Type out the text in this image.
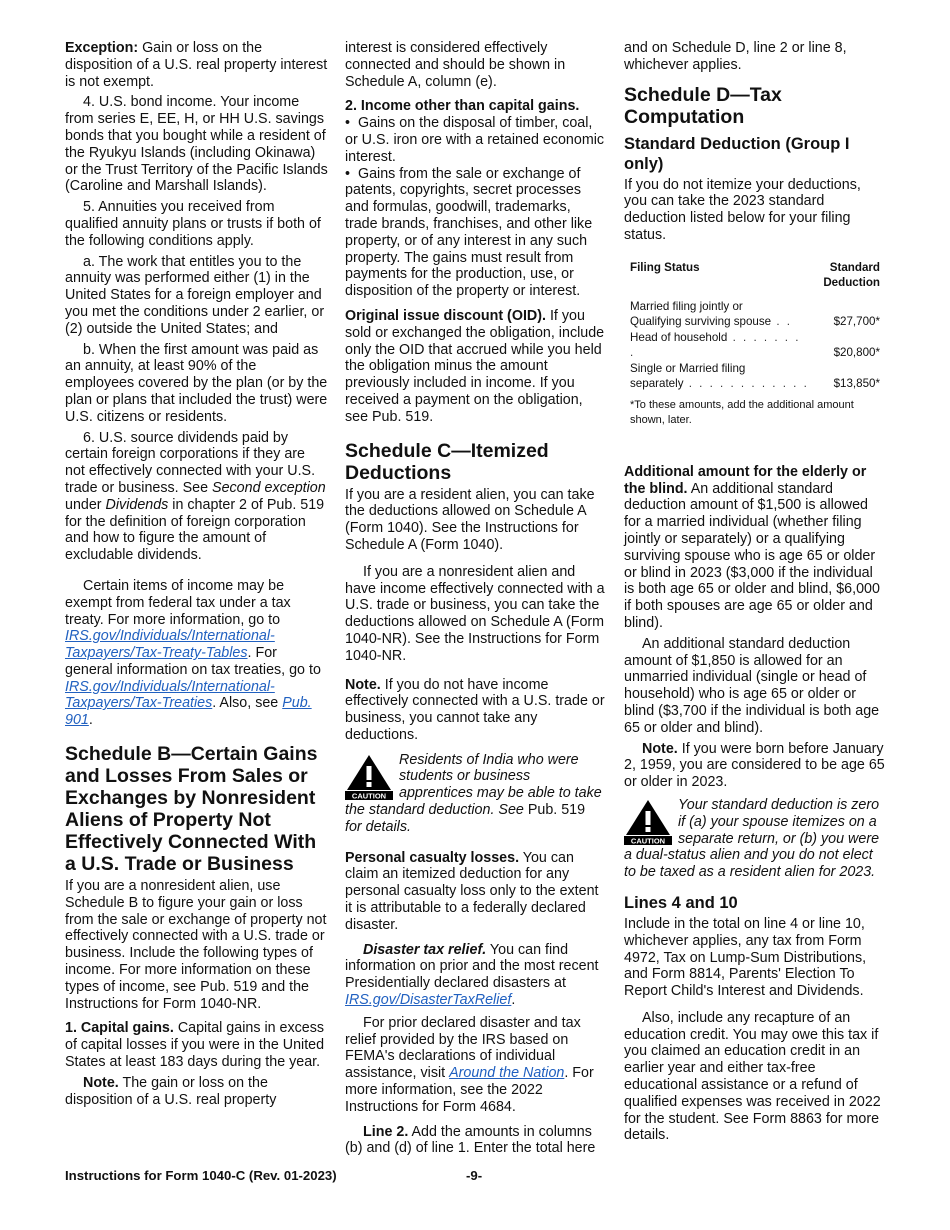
Exception: Gain or loss on the disposition of a U.S. real property interest is not exempt.

4. U.S. bond income. Your income from series E, EE, H, or HH U.S. savings bonds that you bought while a resident of the Ryukyu Islands (including Okinawa) or the Trust Territory of the Pacific Islands (Caroline and Marshall Islands).

5. Annuities you received from qualified annuity plans or trusts if both of the following conditions apply.

a. The work that entitles you to the annuity was performed either (1) in the United States for a foreign employer and you met the conditions under 2 earlier, or (2) outside the United States; and

b. When the first amount was paid as an annuity, at least 90% of the employees covered by the plan (or by the plan or plans that included the trust) were U.S. citizens or residents.

6. U.S. source dividends paid by certain foreign corporations if they are not effectively connected with your U.S. trade or business. See Second exception under Dividends in chapter 2 of Pub. 519 for the definition of foreign corporation and how to figure the amount of excludable dividends.

Certain items of income may be exempt from federal tax under a tax treaty. For more information, go to IRS.gov/Individuals/International-Taxpayers/Tax-Treaty-Tables. For general information on tax treaties, go to IRS.gov/Individuals/International-Taxpayers/Tax-Treaties. Also, see Pub. 901.

Schedule B—Certain Gains and Losses From Sales or Exchanges by Nonresident Aliens of Property Not Effectively Connected With a U.S. Trade or Business

If you are a nonresident alien, use Schedule B to figure your gain or loss from the sale or exchange of property not effectively connected with a U.S. trade or business. Include the following types of income. For more information on these types of income, see Pub. 519 and the Instructions for Form 1040-NR.

1. Capital gains. Capital gains in excess of capital losses if you were in the United States at least 183 days during the year.

Note. The gain or loss on the disposition of a U.S. real property

interest is considered effectively connected and should be shown in Schedule A, column (e).

2. Income other than capital gains.

• Gains on the disposal of timber, coal, or U.S. iron ore with a retained economic interest.
• Gains from the sale or exchange of patents, copyrights, secret processes and formulas, goodwill, trademarks, trade brands, franchises, and other like property, or of any interest in any such property. The gains must result from payments for the production, use, or disposition of the property or interest.

Original issue discount (OID). If you sold or exchanged the obligation, include only the OID that accrued while you held the obligation minus the amount previously included in income. If you received a payment on the obligation, see Pub. 519.

Schedule C—Itemized Deductions

If you are a resident alien, you can take the deductions allowed on Schedule A (Form 1040). See the Instructions for Schedule A (Form 1040).

If you are a nonresident alien and have income effectively connected with a U.S. trade or business, you can take the deductions allowed on Schedule A (Form 1040-NR). See the Instructions for Form 1040-NR.

Note. If you do not have income effectively connected with a U.S. trade or business, you cannot take any deductions.

CAUTION
Residents of India who were students or business apprentices may be able to take the standard deduction. See Pub. 519 for details.

Personal casualty losses. You can claim an itemized deduction for any personal casualty loss only to the extent it is attributable to a federally declared disaster.

Disaster tax relief. You can find information on prior and the most recent Presidentially declared disasters at IRS.gov/DisasterTaxRelief.

For prior declared disaster and tax relief provided by the IRS based on FEMA's declarations of individual assistance, visit Around the Nation. For more information, see the 2022 Instructions for Form 4684.

Line 2. Add the amounts in columns (b) and (d) of line 1. Enter the total here

and on Schedule D, line 2 or line 8, whichever applies.

Schedule D—Tax Computation
Standard Deduction (Group I only)

If you do not itemize your deductions, you can take the 2023 standard deduction listed below for your filing status.

Filing Status	Standard Deduction

Married filing jointly or
Qualifying surviving spouse . .	$27,700*
Head of household . . . . . . . .	$20,800*

Single or Married filing
separately . . . . . . . . . . . .	$13,850*
*To these amounts, add the additional amount shown, later.

Additional amount for the elderly or the blind. An additional standard deduction amount of $1,500 is allowed for a married individual (whether filing jointly or separately) or a qualifying surviving spouse who is age 65 or older or blind in 2023 ($3,000 if the individual is both age 65 or older and blind, $6,000 if both spouses are age 65 or older and blind).

An additional standard deduction amount of $1,850 is allowed for an unmarried individual (single or head of household) who is age 65 or older or blind ($3,700 if the individual is both age 65 or older and blind).

Note. If you were born before January 2, 1959, you are considered to be age 65 or older in 2023.

CAUTION
Your standard deduction is zero if (a) your spouse itemizes on a separate return, or (b) you were a dual-status alien and you do not elect to be taxed as a resident alien for 2023.
Lines 4 and 10

Include in the total on line 4 or line 10, whichever applies, any tax from Form 4972, Tax on Lump-Sum Distributions, and Form 8814, Parents' Election To Report Child's Interest and Dividends.

Also, include any recapture of an education credit. You may owe this tax if you claimed an education credit in an earlier year and either tax-free educational assistance or a refund of qualified expenses was received in 2022 for the student. See Form 8863 for more details.

Instructions for Form 1040-C (Rev. 01-2023)	-9-
